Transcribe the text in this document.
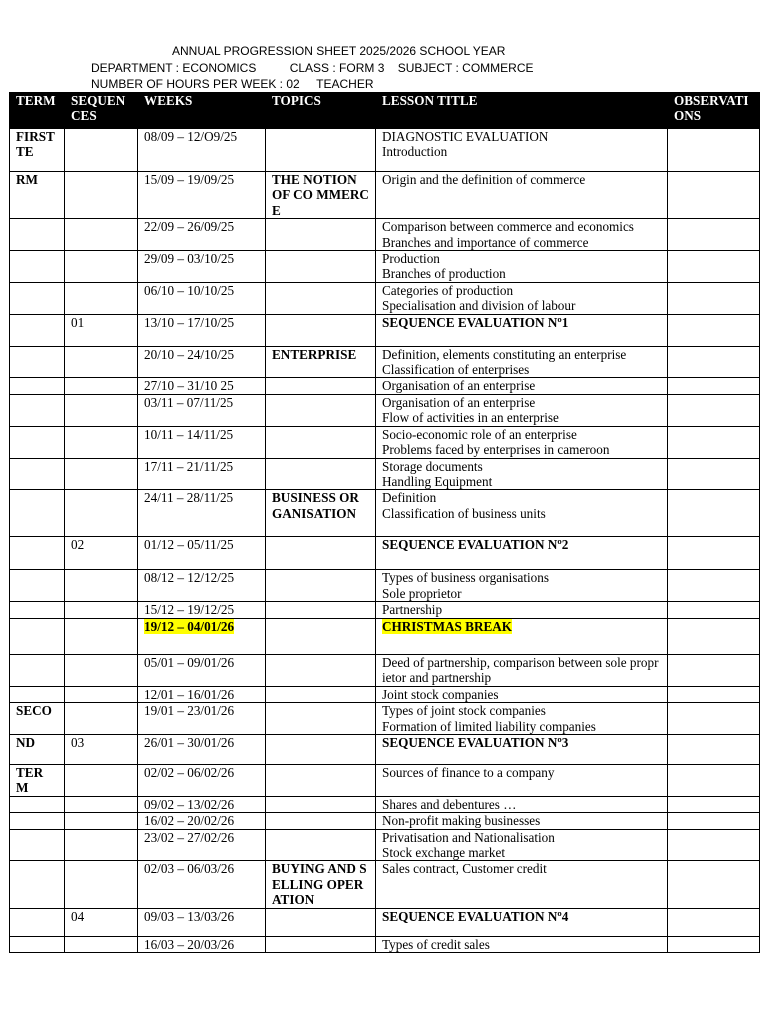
ANNUAL PROGRESSION SHEET 2025/2026 SCHOOL YEAR
DEPARTMENT : ECONOMICS          CLASS : FORM 3    SUBJECT : COMMERCE
NUMBER OF HOURS PER WEEK : 02     TEACHER
TERM	SEQUENCES	WEEKS	TOPICS	LESSON TITLE	OBSERVATIONS
FIRST TE		08/09 – 12/O9/25		DIAGNOSTIC EVALUATION
Introduction	

RM		15/09 – 19/09/25	THE NOTION OF CO MMERCE	Origin and the definition of commerce	

		22/09 – 26/09/25		Comparison between commerce and economics
Branches and importance of commerce	

		29/09 – 03/10/25		Production
Branches of production	

		06/10 – 10/10/25		Categories of production
Specialisation and division of labour	

	01	13/10 – 17/10/25		SEQUENCE EVALUATION Nº1	

		20/10 – 24/10/25	ENTERPRISE	Definition, elements constituting an enterprise
Classification of enterprises	

		27/10 – 31/10 25		Organisation of an enterprise	

		03/11 – 07/11/25		Organisation of an enterprise
Flow of activities in an enterprise	

		10/11 – 14/11/25		Socio-economic role of an enterprise
Problems faced by enterprises in cameroon	

		17/11 – 21/11/25		Storage documents
Handling Equipment	

		24/11 – 28/11/25	BUSINESS ORGANISATION	Definition
Classification of business units	

	02	01/12 – 05/11/25		SEQUENCE EVALUATION Nº2	

		08/12 – 12/12/25		Types of business organisations
Sole proprietor	

		15/12 – 19/12/25		Partnership	

		19/12 – 04/01/26		CHRISTMAS BREAK	
		05/01 – 09/01/26		Deed of partnership, comparison between sole proprietor and partnership	

		12/01 – 16/01/26		Joint stock companies	

SECO		19/01 – 23/01/26		Types of joint stock companies
Formation of limited liability companies	

ND	03	26/01 – 30/01/26		SEQUENCE EVALUATION Nº3	

TER M		02/02 – 06/02/26		Sources of finance to a company	

		09/02 – 13/02/26		Shares and debentures …	

		16/02 – 20/02/26		Non-profit making businesses	

		23/02 – 27/02/26		Privatisation and Nationalisation
Stock exchange market	

		02/03 – 06/03/26	BUYING AND SELLING OPERATION	Sales contract, Customer credit	

	04	09/03 – 13/03/26		SEQUENCE EVALUATION Nº4	

		16/03 – 20/03/26		Types of credit sales	
